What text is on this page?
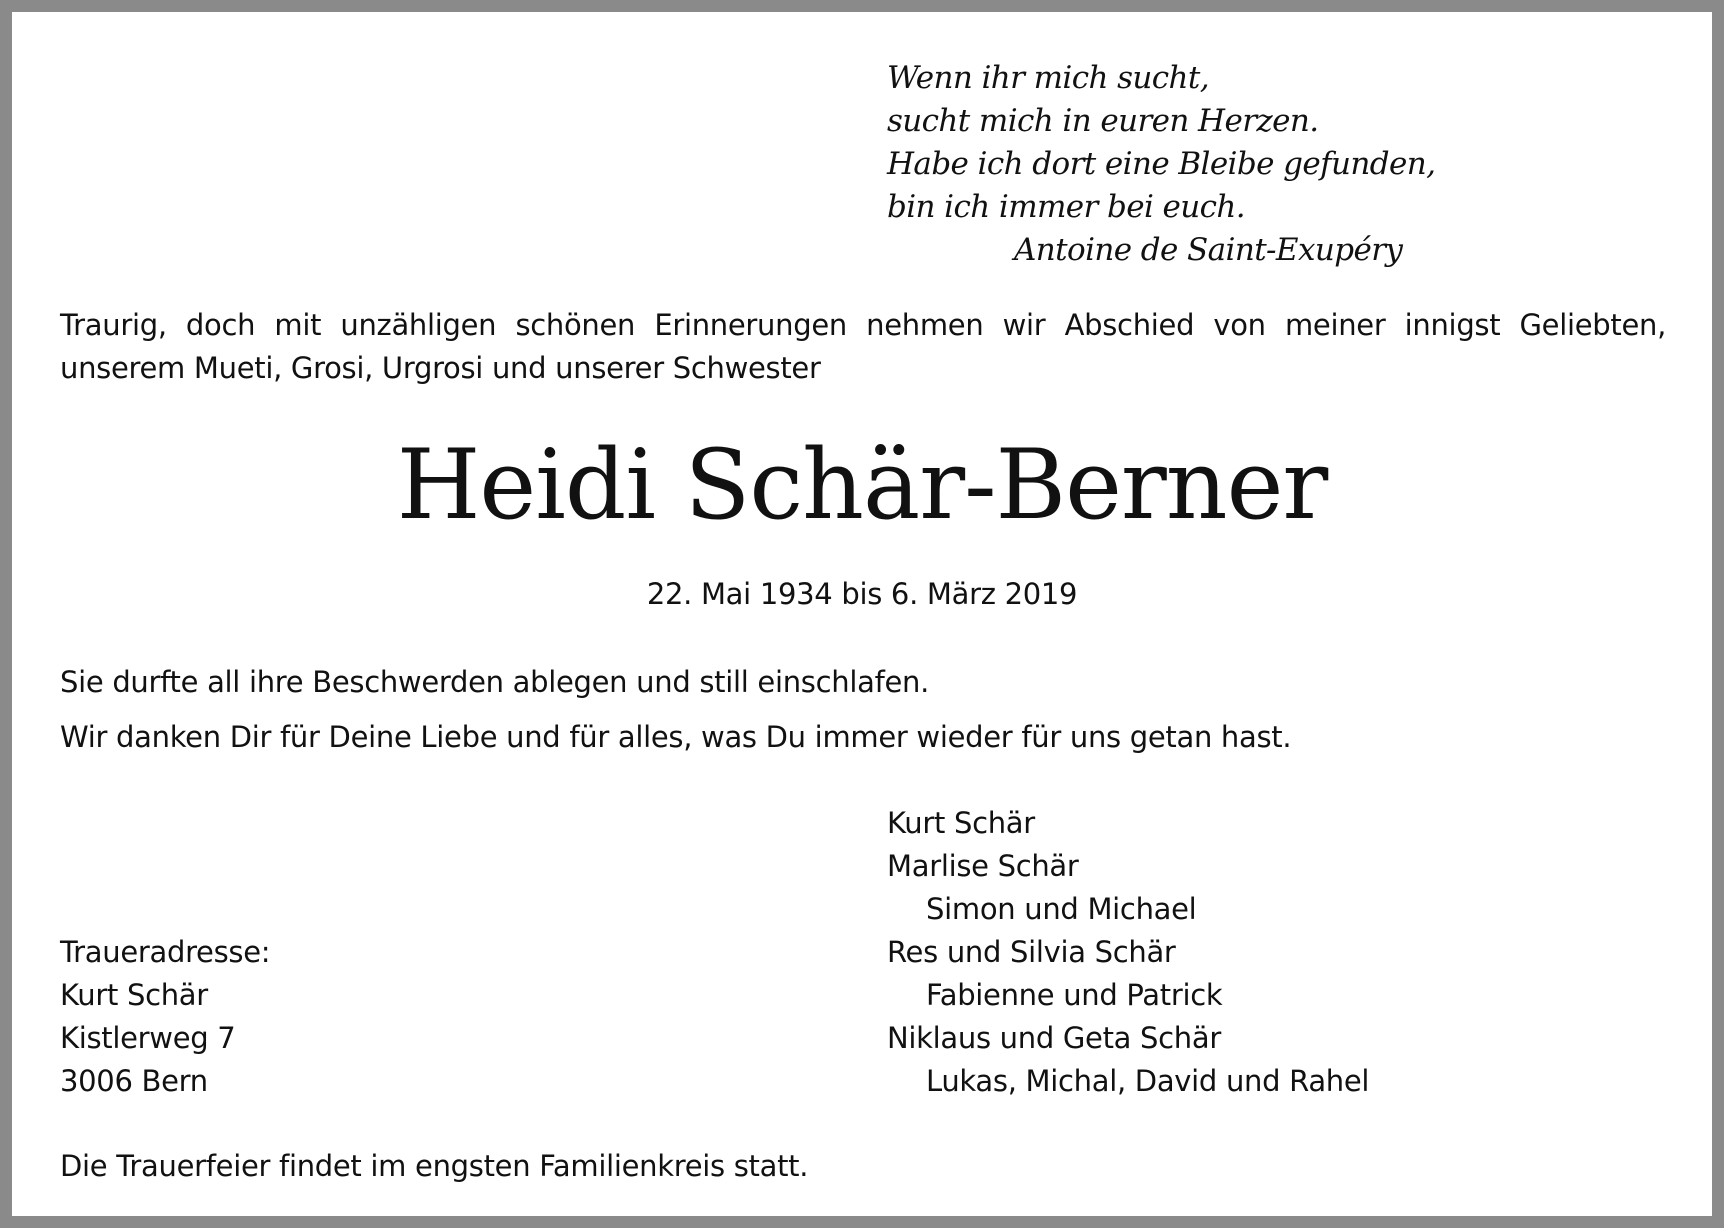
Wenn ihr mich sucht,
sucht mich in euren Herzen.
Habe ich dort eine Bleibe gefunden,
bin ich immer bei euch.
Antoine de Saint-Exupéry
Traurig, doch mit unzähligen schönen Erinnerungen nehmen wir Abschied von meiner innigst Geliebten, unserem Mueti, Grosi, Urgrosi und unserer Schwester
Heidi Schär-Berner
22. Mai 1934 bis 6. März 2019
Sie durfte all ihre Beschwerden ablegen und still einschlafen.
Wir danken Dir für Deine Liebe und für alles, was Du immer wieder für uns getan hast.
Kurt Schär
Marlise Schär
Simon und Michael
Res und Silvia Schär
Fabienne und Patrick
Niklaus und Geta Schär
Lukas, Michal, David und Rahel
Traueradresse:
Kurt Schär
Kistlerweg 7
3006 Bern
Die Trauerfeier findet im engsten Familienkreis statt.
